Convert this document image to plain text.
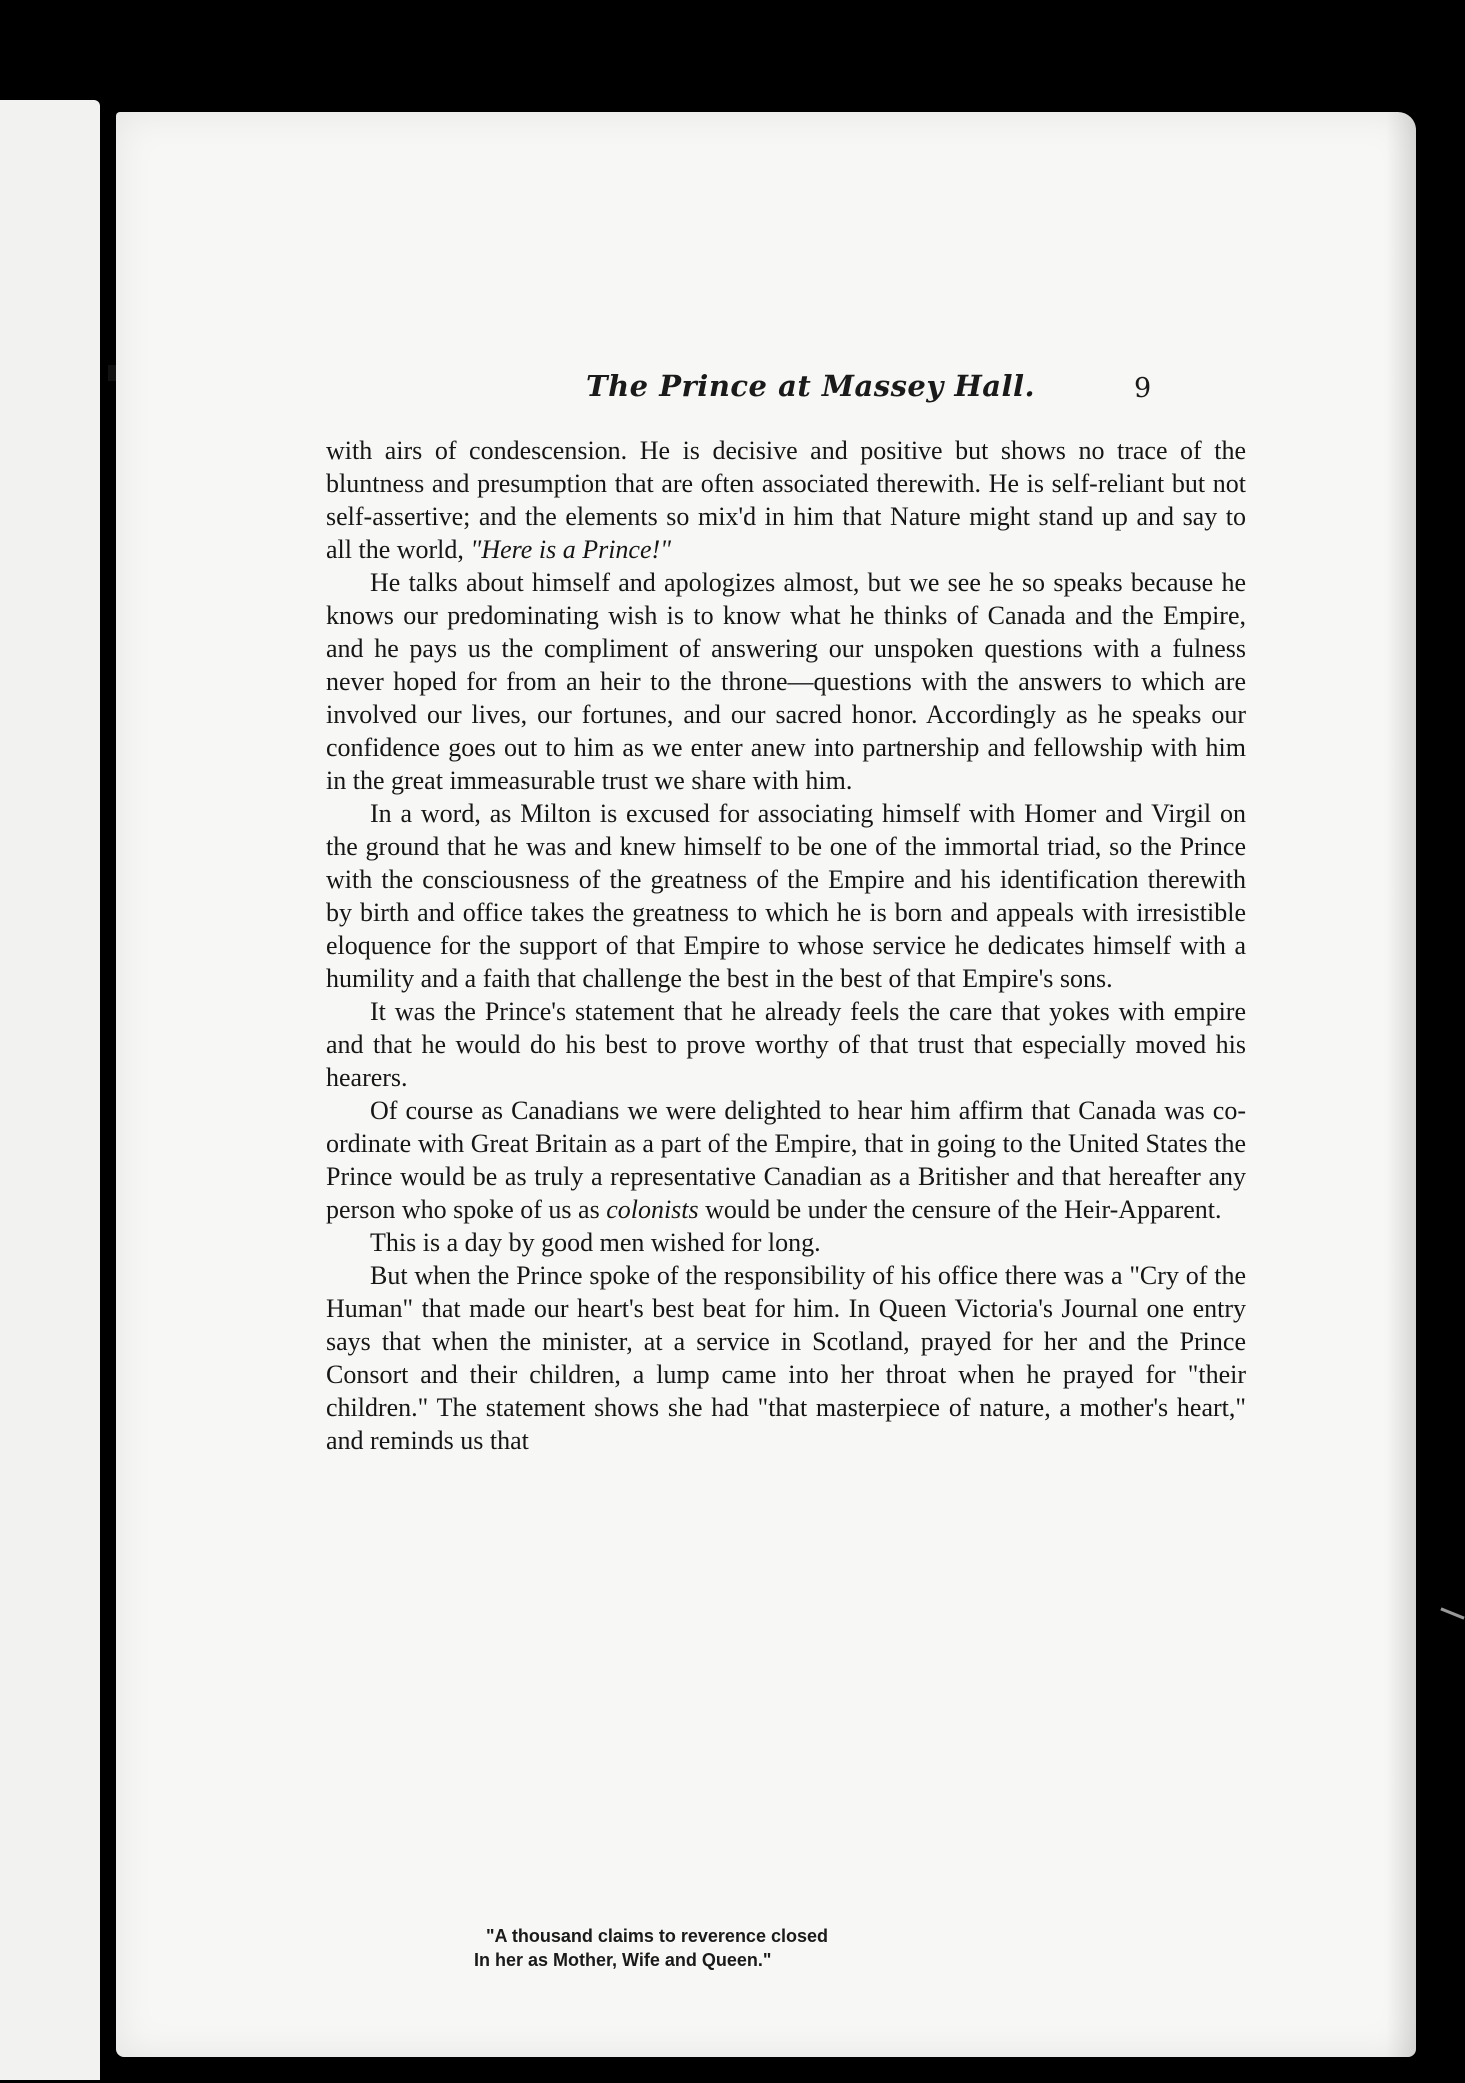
The Prince at Massey Hall.	9

with airs of condescension. He is decisive and positive but shows no trace of the bluntness and presumption that are often associated therewith. He is self-reliant but not self-assertive; and the elements so mix'd in him that Nature might stand up and say to all the world, "Here is a Prince!"

He talks about himself and apologizes almost, but we see he so speaks because he knows our predominating wish is to know what he thinks of Canada and the Empire, and he pays us the compliment of answering our unspoken questions with a fulness never hoped for from an heir to the throne—questions with the answers to which are involved our lives, our fortunes, and our sacred honor. Accordingly as he speaks our confidence goes out to him as we enter anew into partnership and fellowship with him in the great immeasurable trust we share with him.

In a word, as Milton is excused for associating himself with Homer and Virgil on the ground that he was and knew himself to be one of the immortal triad, so the Prince with the consciousness of the greatness of the Empire and his identification therewith by birth and office takes the greatness to which he is born and appeals with irresistible eloquence for the support of that Empire to whose service he dedicates himself with a humility and a faith that challenge the best in the best of that Empire's sons.

It was the Prince's statement that he already feels the care that yokes with empire and that he would do his best to prove worthy of that trust that especially moved his hearers.

Of course as Canadians we were delighted to hear him affirm that Canada was co-ordinate with Great Britain as a part of the Empire, that in going to the United States the Prince would be as truly a representative Canadian as a Britisher and that hereafter any person who spoke of us as colonists would be under the censure of the Heir-Apparent.

This is a day by good men wished for long.

But when the Prince spoke of the responsibility of his office there was a "Cry of the Human" that made our heart's best beat for him. In Queen Victoria's Journal one entry says that when the minister, at a service in Scotland, prayed for her and the Prince Consort and their children, a lump came into her throat when he prayed for "their children." The statement shows she had "that masterpiece of nature, a mother's heart," and reminds us that

"A thousand claims to reverence closed
In her as Mother, Wife and Queen."
